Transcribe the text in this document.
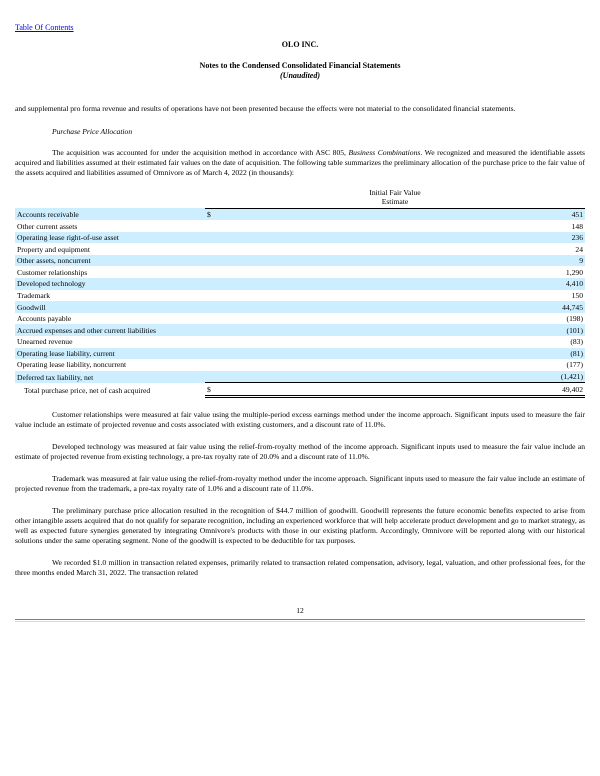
Table Of Contents
OLO INC.
Notes to the Condensed Consolidated Financial Statements
(Unaudited)

and supplemental pro forma revenue and results of operations have not been presented because the effects were not material to the consolidated financial statements.

Purchase Price Allocation

The acquisition was accounted for under the acquisition method in accordance with ASC 805, Business Combinations. We recognized and measured the identifiable assets acquired and liabilities assumed at their estimated fair values on the date of acquisition. The following table summarizes the preliminary allocation of the purchase price to the fair value of the assets acquired and liabilities assumed of Omnivore as of March 4, 2022 (in thousands):

	Initial Fair Value
Estimate	
Accounts receivable	$	451
Other current assets		148
Operating lease right-of-use asset		236
Property and equipment		24
Other assets, noncurrent		9
Customer relationships		1,290
Developed technology		4,410
Trademark		150
Goodwill		44,745
Accounts payable		(198)
Accrued expenses and other current liabilities		(101)
Unearned revenue		(83)
Operating lease liability, current		(81)
Operating lease liability, noncurrent		(177)
Deferred tax liability, net		(1,421)
Total purchase price, net of cash acquired	$	49,402

Customer relationships were measured at fair value using the multiple-period excess earnings method under the income approach. Significant inputs used to measure the fair value include an estimate of projected revenue and costs associated with existing customers, and a discount rate of 11.0%.

Developed technology was measured at fair value using the relief-from-royalty method of the income approach. Significant inputs used to measure the fair value include an estimate of projected revenue from existing technology, a pre-tax royalty rate of 20.0% and a discount rate of 11.0%.

Trademark was measured at fair value using the relief-from-royalty method under the income approach. Significant inputs used to measure the fair value include an estimate of projected revenue from the trademark, a pre-tax royalty rate of 1.0% and a discount rate of 11.0%.

The preliminary purchase price allocation resulted in the recognition of $44.7 million of goodwill. Goodwill represents the future economic benefits expected to arise from other intangible assets acquired that do not qualify for separate recognition, including an experienced workforce that will help accelerate product development and go to market strategy, as well as expected future synergies generated by integrating Omnivore's products with those in our existing platform. Accordingly, Omnivore will be reported along with our historical solutions under the same operating segment. None of the goodwill is expected to be deductible for tax purposes.

We recorded $1.0 million in transaction related expenses, primarily related to transaction related compensation, advisory, legal, valuation, and other professional fees, for the three months ended March 31, 2022. The transaction related

12
